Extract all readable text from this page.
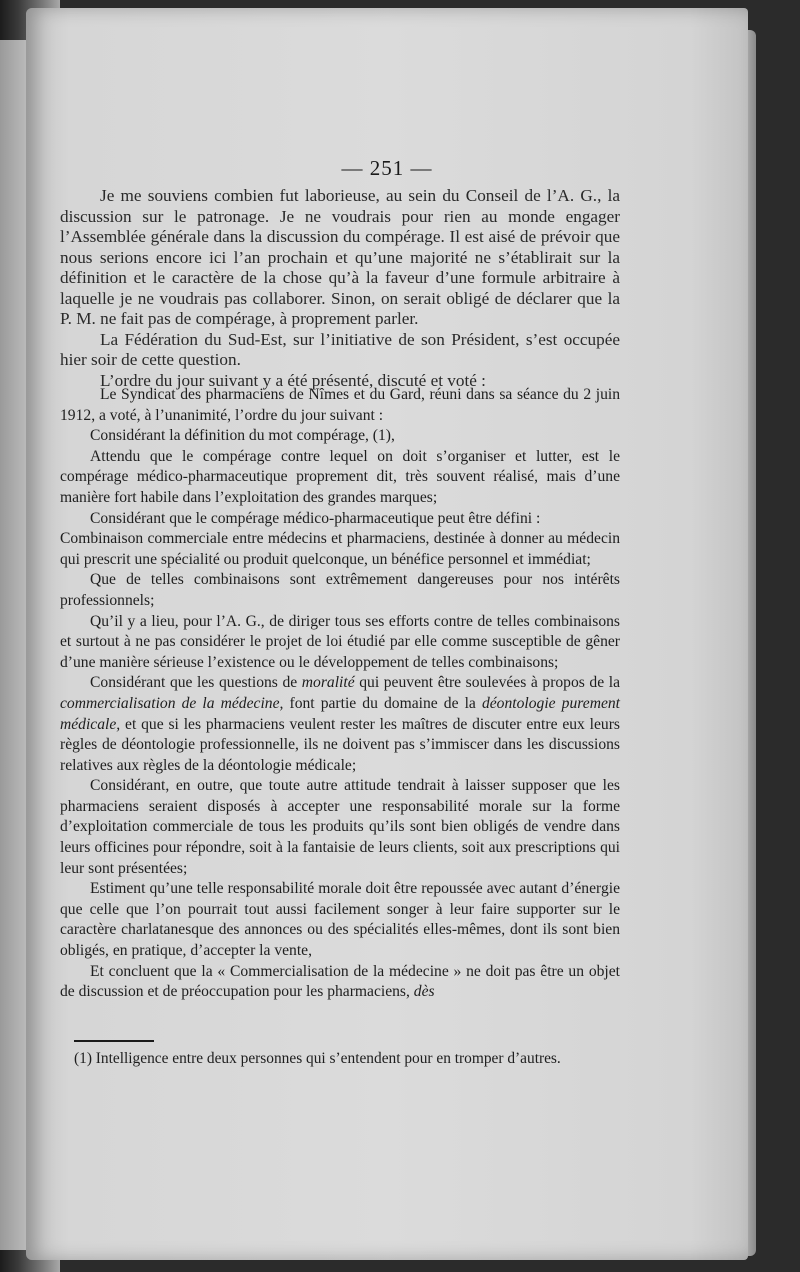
— 251 —

Je me souviens combien fut laborieuse, au sein du Conseil de l’A. G., la discussion sur le patronage. Je ne voudrais pour rien au monde engager l’Assemblée générale dans la discussion du compérage. Il est aisé de prévoir que nous serions encore ici l’an prochain et qu’une majorité ne s’établirait sur la définition et le caractère de la chose qu’à la faveur d’une formule arbitraire à laquelle je ne voudrais pas collaborer. Sinon, on serait obligé de déclarer que la P. M. ne fait pas de compérage, à proprement parler.

La Fédération du Sud-Est, sur l’initiative de son Président, s’est occupée hier soir de cette question.

L’ordre du jour suivant y a été présenté, discuté et voté :

Le Syndicat des pharmaciens de Nîmes et du Gard, réuni dans sa séance du 2 juin 1912, a voté, à l’unanimité, l’ordre du jour suivant :

Considérant la définition du mot compérage, (1),

Attendu que le compérage contre lequel on doit s’organiser et lutter, est le compérage médico-pharmaceutique proprement dit, très souvent réalisé, mais d’une manière fort habile dans l’exploitation des grandes marques;

Considérant que le compérage médico-pharmaceutique peut être défini :

Combinaison commerciale entre médecins et pharmaciens, destinée à donner au médecin qui prescrit une spécialité ou produit quelconque, un bénéfice personnel et immédiat;

Que de telles combinaisons sont extrêmement dangereuses pour nos intérêts professionnels;

Qu’il y a lieu, pour l’A. G., de diriger tous ses efforts contre de telles combinaisons et surtout à ne pas considérer le projet de loi étudié par elle comme susceptible de gêner d’une manière sérieuse l’existence ou le développement de telles combinaisons;

Considérant que les questions de moralité qui peuvent être soulevées à propos de la commercialisation de la médecine, font partie du domaine de la déontologie purement médicale, et que si les pharmaciens veulent rester les maîtres de discuter entre eux leurs règles de déontologie professionnelle, ils ne doivent pas s’immiscer dans les discussions relatives aux règles de la déontologie médicale;

Considérant, en outre, que toute autre attitude tendrait à laisser supposer que les pharmaciens seraient disposés à accepter une responsabilité morale sur la forme d’exploitation commerciale de tous les produits qu’ils sont bien obligés de vendre dans leurs officines pour répondre, soit à la fantaisie de leurs clients, soit aux prescriptions qui leur sont présentées;

Estiment qu’une telle responsabilité morale doit être repoussée avec autant d’énergie que celle que l’on pourrait tout aussi facilement songer à leur faire supporter sur le caractère charlatanesque des annonces ou des spécialités elles-mêmes, dont ils sont bien obligés, en pratique, d’accepter la vente,

Et concluent que la « Commercialisation de la médecine » ne doit pas être un objet de discussion et de préoccupation pour les pharmaciens, dès

(1) Intelligence entre deux personnes qui s’entendent pour en tromper d’autres.
